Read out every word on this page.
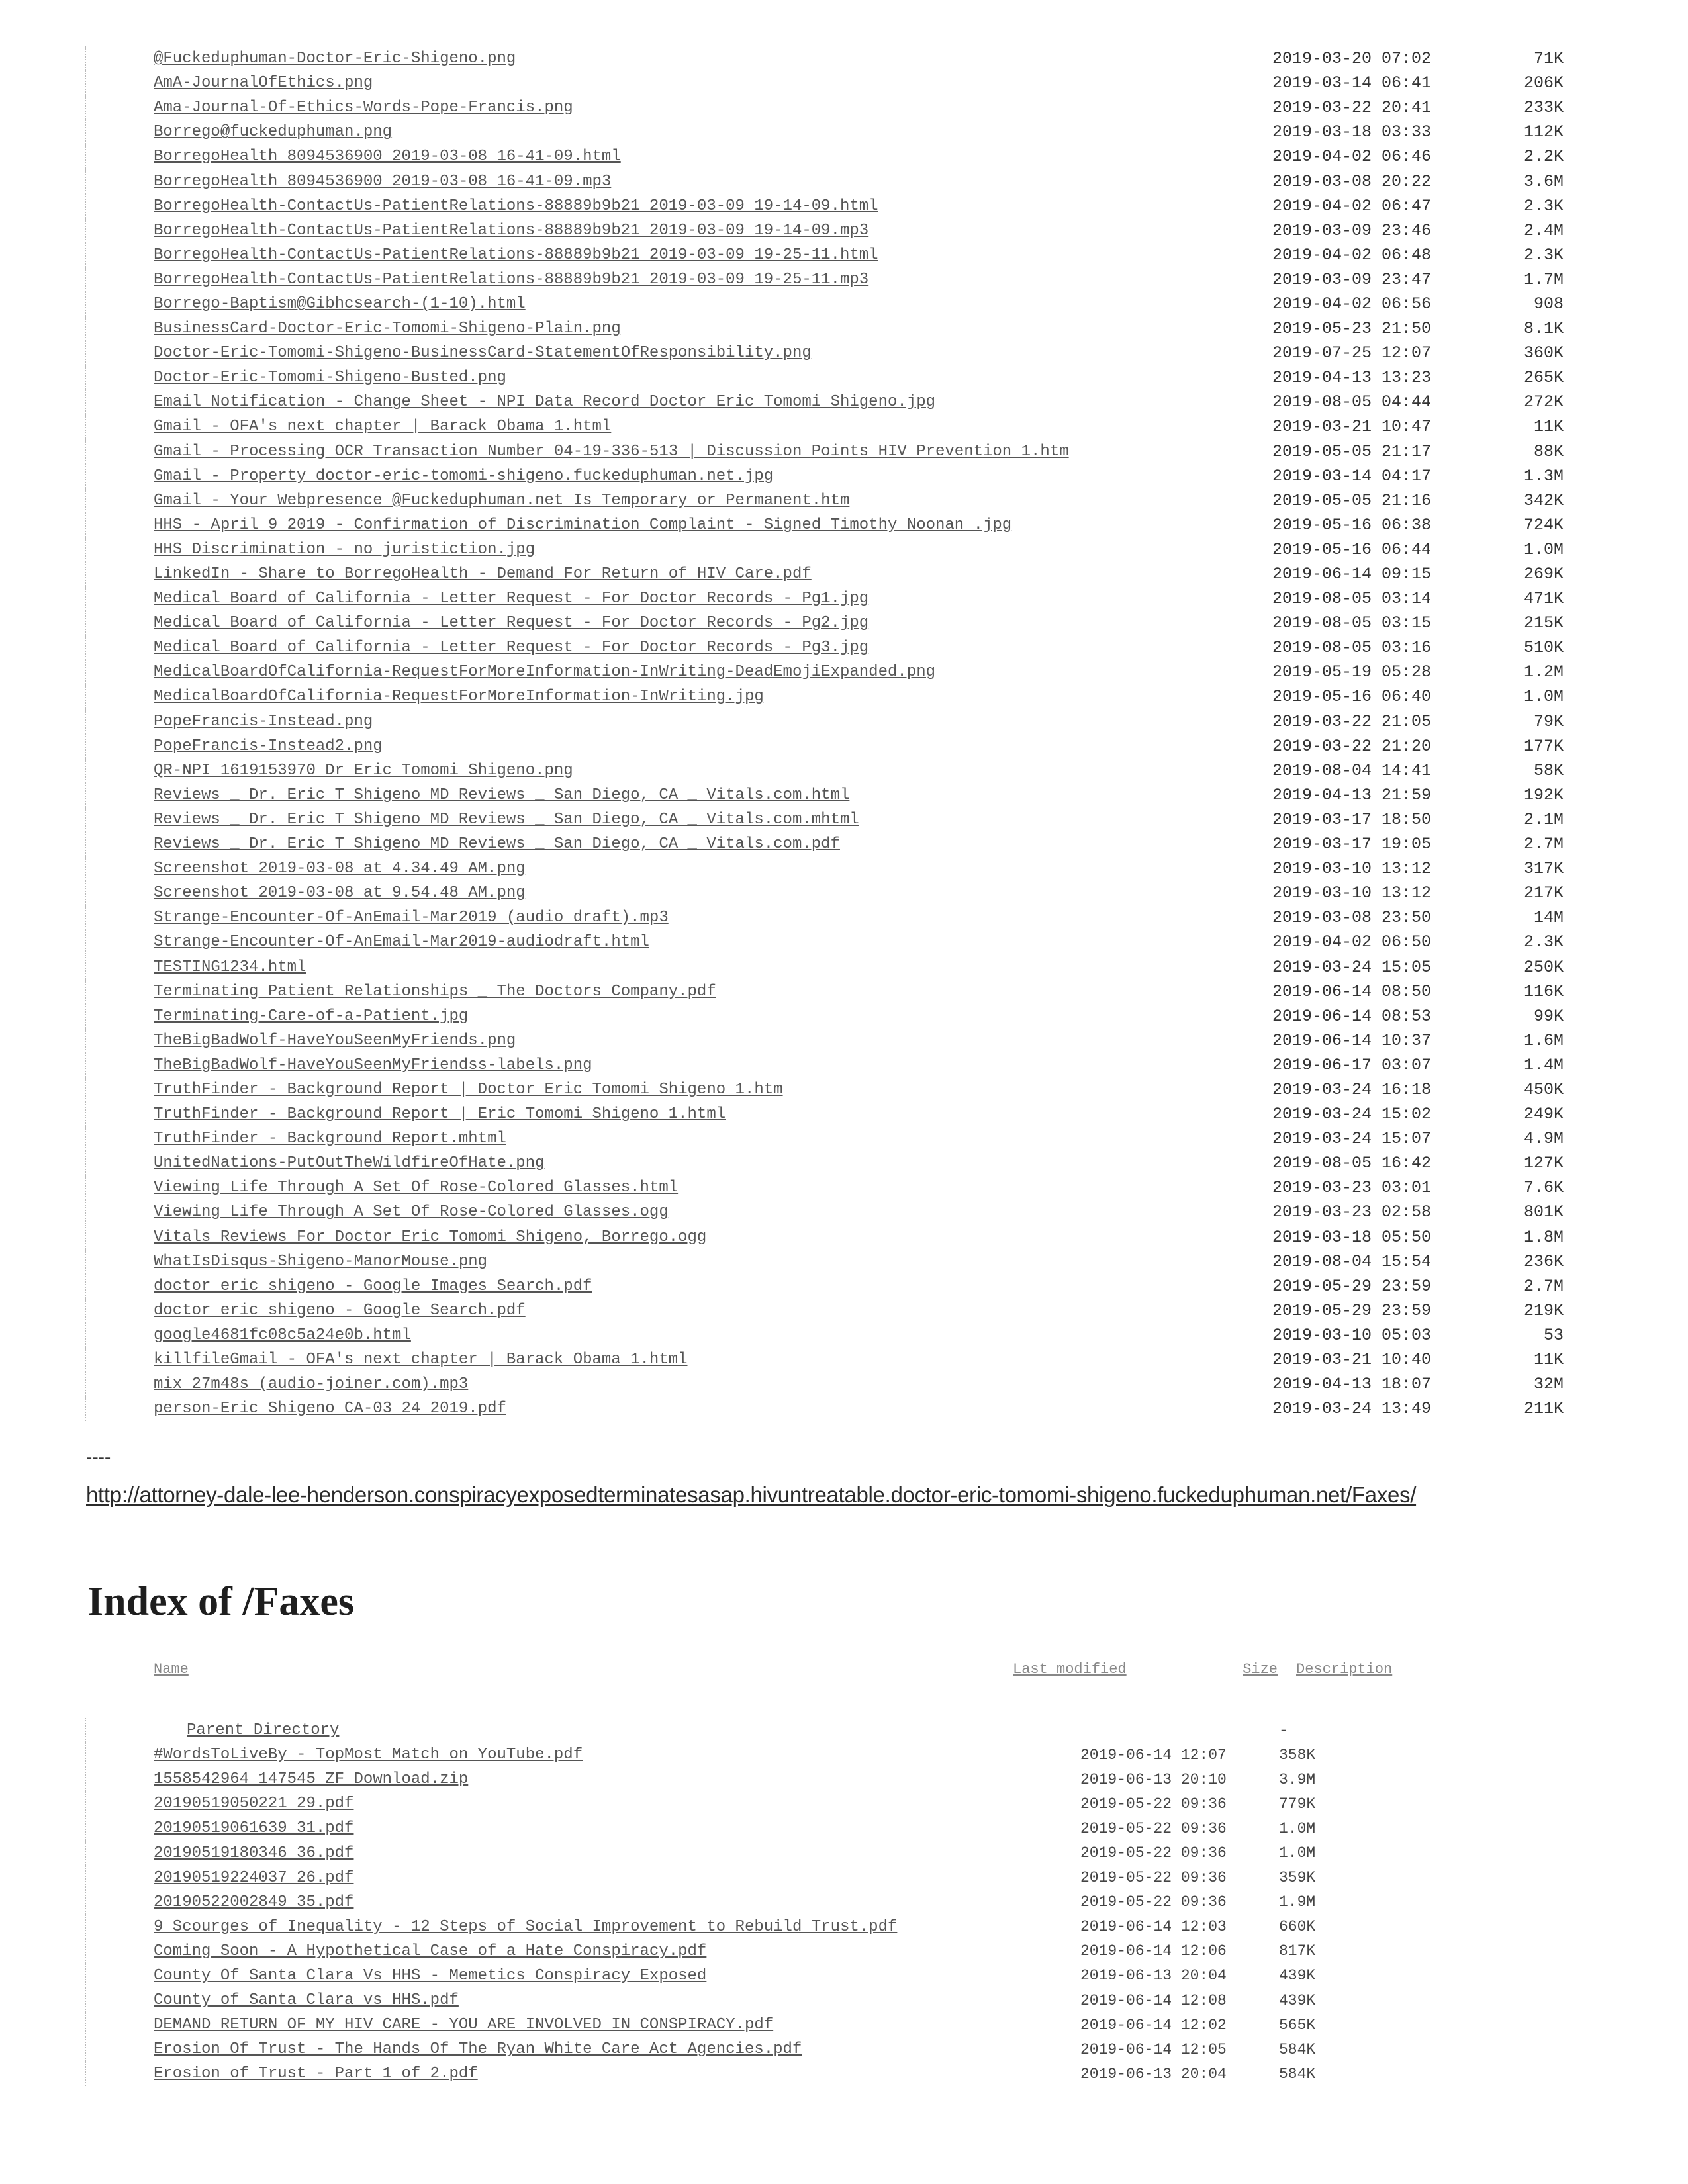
@Fuckeduphuman-Doctor-Eric-Shigeno.png	2019-03-20 07:02	71K
AmA-JournalOfEthics.png	2019-03-14 06:41	206K
Ama-Journal-Of-Ethics-Words-Pope-Francis.png	2019-03-22 20:41	233K
Borrego@fuckeduphuman.png	2019-03-18 03:33	112K
BorregoHealth 8094536900 2019-03-08 16-41-09.html	2019-04-02 06:46	2.2K
BorregoHealth 8094536900 2019-03-08 16-41-09.mp3	2019-03-08 20:22	3.6M
BorregoHealth-ContactUs-PatientRelations-88889b9b21 2019-03-09 19-14-09.html	2019-04-02 06:47	2.3K
BorregoHealth-ContactUs-PatientRelations-88889b9b21 2019-03-09 19-14-09.mp3	2019-03-09 23:46	2.4M
BorregoHealth-ContactUs-PatientRelations-88889b9b21 2019-03-09 19-25-11.html	2019-04-02 06:48	2.3K
BorregoHealth-ContactUs-PatientRelations-88889b9b21 2019-03-09 19-25-11.mp3	2019-03-09 23:47	1.7M
Borrego-Baptism@Gibhcsearch-(1-10).html	2019-04-02 06:56	908
BusinessCard-Doctor-Eric-Tomomi-Shigeno-Plain.png	2019-05-23 21:50	8.1K
Doctor-Eric-Tomomi-Shigeno-BusinessCard-StatementOfResponsibility.png	2019-07-25 12:07	360K
Doctor-Eric-Tomomi-Shigeno-Busted.png	2019-04-13 13:23	265K
Email Notification - Change Sheet - NPI Data Record Doctor Eric Tomomi Shigeno.jpg	2019-08-05 04:44	272K
Gmail - OFA's next chapter | Barack Obama 1.html	2019-03-21 10:47	11K
Gmail - Processing OCR Transaction Number 04-19-336-513 | Discussion Points HIV Prevention 1.htm	2019-05-05 21:17	88K
Gmail - Property doctor-eric-tomomi-shigeno.fuckeduphuman.net.jpg	2019-03-14 04:17	1.3M
Gmail - Your Webpresence @Fuckeduphuman.net Is Temporary or Permanent.htm	2019-05-05 21:16	342K
HHS - April 9 2019 - Confirmation of Discrimination Complaint - Signed Timothy Noonan .jpg	2019-05-16 06:38	724K
HHS Discrimination - no juristiction.jpg	2019-05-16 06:44	1.0M
LinkedIn - Share to BorregoHealth - Demand For Return of HIV Care.pdf	2019-06-14 09:15	269K
Medical Board of California - Letter Request - For Doctor Records - Pg1.jpg	2019-08-05 03:14	471K
Medical Board of California - Letter Request - For Doctor Records - Pg2.jpg	2019-08-05 03:15	215K
Medical Board of California - Letter Request - For Doctor Records - Pg3.jpg	2019-08-05 03:16	510K
MedicalBoardOfCalifornia-RequestForMoreInformation-InWriting-DeadEmojiExpanded.png	2019-05-19 05:28	1.2M
MedicalBoardOfCalifornia-RequestForMoreInformation-InWriting.jpg	2019-05-16 06:40	1.0M
PopeFrancis-Instead.png	2019-03-22 21:05	79K
PopeFrancis-Instead2.png	2019-03-22 21:20	177K
QR-NPI 1619153970 Dr Eric Tomomi Shigeno.png	2019-08-04 14:41	58K
Reviews _ Dr. Eric T Shigeno MD Reviews _ San Diego, CA _ Vitals.com.html	2019-04-13 21:59	192K
Reviews _ Dr. Eric T Shigeno MD Reviews _ San Diego, CA _ Vitals.com.mhtml	2019-03-17 18:50	2.1M
Reviews _ Dr. Eric T Shigeno MD Reviews _ San Diego, CA _ Vitals.com.pdf	2019-03-17 19:05	2.7M
Screenshot 2019-03-08 at 4.34.49 AM.png	2019-03-10 13:12	317K
Screenshot 2019-03-08 at 9.54.48 AM.png	2019-03-10 13:12	217K
Strange-Encounter-Of-AnEmail-Mar2019 (audio draft).mp3	2019-03-08 23:50	14M
Strange-Encounter-Of-AnEmail-Mar2019-audiodraft.html	2019-04-02 06:50	2.3K
TESTING1234.html	2019-03-24 15:05	250K
Terminating Patient Relationships _ The Doctors Company.pdf	2019-06-14 08:50	116K
Terminating-Care-of-a-Patient.jpg	2019-06-14 08:53	99K
TheBigBadWolf-HaveYouSeenMyFriends.png	2019-06-14 10:37	1.6M
TheBigBadWolf-HaveYouSeenMyFriendss-labels.png	2019-06-17 03:07	1.4M
TruthFinder - Background Report | Doctor Eric Tomomi Shigeno 1.htm	2019-03-24 16:18	450K
TruthFinder - Background Report | Eric Tomomi Shigeno 1.html	2019-03-24 15:02	249K
TruthFinder - Background Report.mhtml	2019-03-24 15:07	4.9M
UnitedNations-PutOutTheWildfireOfHate.png	2019-08-05 16:42	127K
Viewing Life Through A Set Of Rose-Colored Glasses.html	2019-03-23 03:01	7.6K
Viewing Life Through A Set Of Rose-Colored Glasses.ogg	2019-03-23 02:58	801K
Vitals Reviews For Doctor Eric Tomomi Shigeno, Borrego.ogg	2019-03-18 05:50	1.8M
WhatIsDisqus-Shigeno-ManorMouse.png	2019-08-04 15:54	236K
doctor eric shigeno - Google Images Search.pdf	2019-05-29 23:59	2.7M
doctor eric shigeno - Google Search.pdf	2019-05-29 23:59	219K
google4681fc08c5a24e0b.html	2019-03-10 05:03	53
killfileGmail - OFA's next chapter | Barack Obama 1.html	2019-03-21 10:40	11K
mix 27m48s (audio-joiner.com).mp3	2019-04-13 18:07	32M
person-Eric Shigeno CA-03 24 2019.pdf	2019-03-24 13:49	211K
----
http://attorney-dale-lee-henderson.conspiracyexposedterminatesasap.hivuntreatable.doctor-eric-tomomi-shigeno.fuckeduphuman.net/Faxes/
Index of /Faxes
Name	Last modified	Size	Description
Parent Directory	-
#WordsToLiveBy - TopMost Match on YouTube.pdf	2019-06-14 12:07	358K
1558542964 147545 ZF Download.zip	2019-06-13 20:10	3.9M
20190519050221 29.pdf	2019-05-22 09:36	779K
20190519061639 31.pdf	2019-05-22 09:36	1.0M
20190519180346 36.pdf	2019-05-22 09:36	1.0M
20190519224037 26.pdf	2019-05-22 09:36	359K
20190522002849 35.pdf	2019-05-22 09:36	1.9M
9 Scourges of Inequality - 12 Steps of Social Improvement to Rebuild Trust.pdf	2019-06-14 12:03	660K
Coming Soon - A Hypothetical Case of a Hate Conspiracy.pdf	2019-06-14 12:06	817K
County Of Santa Clara Vs HHS - Memetics Conspiracy Exposed	2019-06-13 20:04	439K
County of Santa Clara vs HHS.pdf	2019-06-14 12:08	439K
DEMAND RETURN OF MY HIV CARE - YOU ARE INVOLVED IN CONSPIRACY.pdf	2019-06-14 12:02	565K
Erosion Of Trust - The Hands Of The Ryan White Care Act Agencies.pdf	2019-06-14 12:05	584K
Erosion of Trust - Part 1 of 2.pdf	2019-06-13 20:04	584K
